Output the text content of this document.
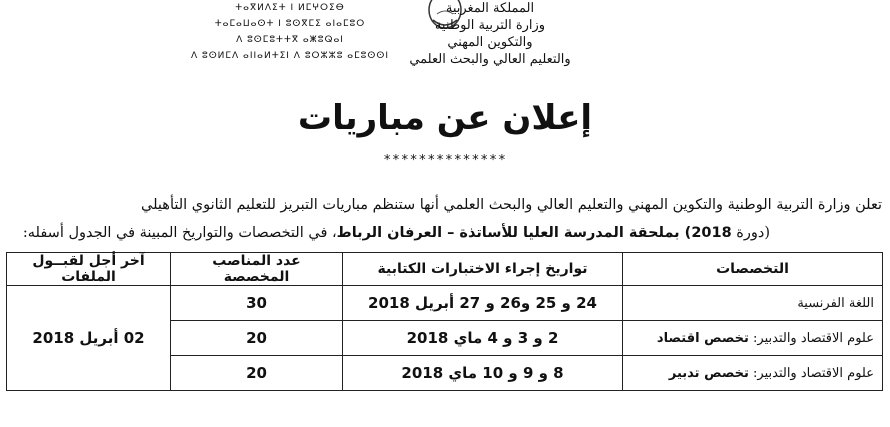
ⵜⴰⴳⵍⴷⵉⵜ ⵏ ⵍⵎⵖⵔⵉⴱ
ⵜⴰⵎⴰⵡⴰⵙⵜ ⵏ ⵓⵙⴳⵎⵉ ⴰⵏⴰⵎⵓⵔ
ⴷ ⵓⵙⵎⵓⵜⵜⴳ ⴰⵥⵓⵕⴰⵏ
ⴷ ⵓⵙⵍⵎⴷ ⴰⵏⵏⴰⵍⵜⵉⵏ ⴷ ⵓⵔⵣⵣⵓ ⴰⵎⵓⵙⵙⵏ
المملكة المغربية
وزارة التربية الوطنية
والتكوين المهني
والتعليم العالي والبحث العلمي
إعلان عن مباريات
**************
تعلن وزارة التربية الوطنية والتكوين المهني والتعليم العالي والبحث العلمي أنها ستنظم مباريات التبريز للتعليم الثانوي التأهيلي
(دورة 2018) بملحقة المدرسة العليا للأساتذة – العرفان الرباط، في التخصصات والتواريخ المبينة في الجدول أسفله:
التخصصات	تواريخ إجراء الاختبارات الكتابية	عدد المناصب المخصصة	آخر أجل لقبــول الملفات
اللغة الفرنسية	24 و 25 و26 و 27 أبريل 2018	30	02 أبريل 2018
علوم الاقتصاد والتدبير: تخصص اقتصاد	2 و 3 و 4 ماي 2018	20	
علوم الاقتصاد والتدبير: تخصص تدبير	8 و 9 و 10 ماي 2018	20	
